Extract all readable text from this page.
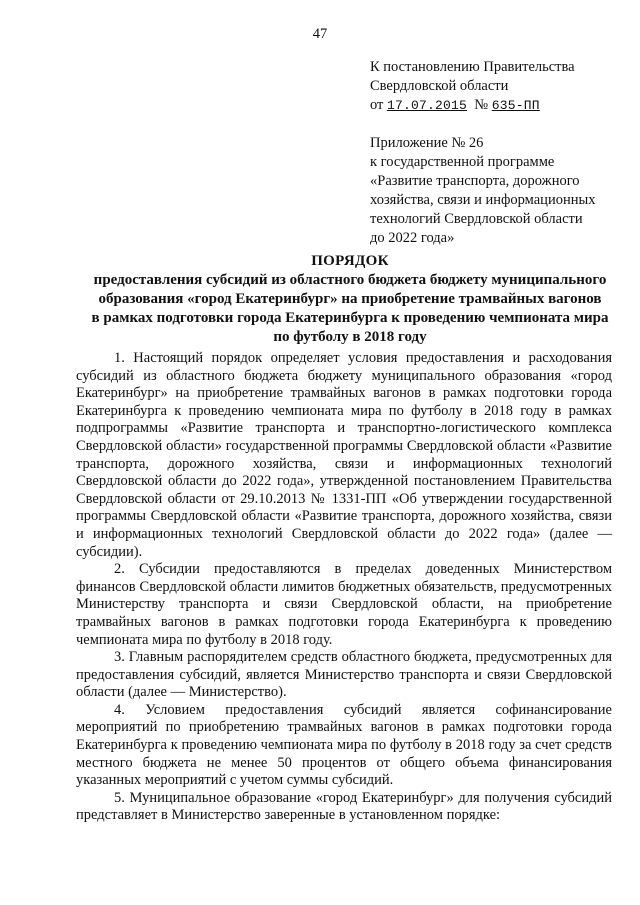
47
К постановлению Правительства
Свердловской области
от 17.07.2015 № 635-ПП
Приложение № 26
к государственной программе
«Развитие транспорта, дорожного
хозяйства, связи и информационных
технологий Свердловской области
до 2022 года»
ПОРЯДОК
предоставления субсидий из областного бюджета бюджету муниципального
образования «город Екатеринбург» на приобретение трамвайных вагонов
в рамках подготовки города Екатеринбурга к проведению чемпионата мира
по футболу в 2018 году

1. Настоящий порядок определяет условия предоставления и расходования субсидий из областного бюджета бюджету муниципального образования «город Екатеринбург» на приобретение трамвайных вагонов в рамках подготовки города Екатеринбурга к проведению чемпионата мира по футболу в 2018 году в рамках подпрограммы «Развитие транспорта и транспортно-логистического комплекса Свердловской области» государственной программы Свердловской области «Развитие транспорта, дорожного хозяйства, связи и информационных технологий Свердловской области до 2022 года», утвержденной постановлением Правительства Свердловской области от 29.10.2013 № 1331-ПП «Об утверждении государственной программы Свердловской области «Развитие транспорта, дорожного хозяйства, связи и информационных технологий Свердловской области до 2022 года» (далее — субсидии).

2. Субсидии предоставляются в пределах доведенных Министерством финансов Свердловской области лимитов бюджетных обязательств, предусмотренных Министерству транспорта и связи Свердловской области, на приобретение трамвайных вагонов в рамках подготовки города Екатеринбурга к проведению чемпионата мира по футболу в 2018 году.

3. Главным распорядителем средств областного бюджета, предусмотренных для предоставления субсидий, является Министерство транспорта и связи Свердловской области (далее — Министерство).

4. Условием предоставления субсидий является софинансирование мероприятий по приобретению трамвайных вагонов в рамках подготовки города Екатеринбурга к проведению чемпионата мира по футболу в 2018 году за счет средств местного бюджета не менее 50 процентов от общего объема финансирования указанных мероприятий с учетом суммы субсидий.

5. Муниципальное образование «город Екатеринбург» для получения субсидий представляет в Министерство заверенные в установленном порядке:
